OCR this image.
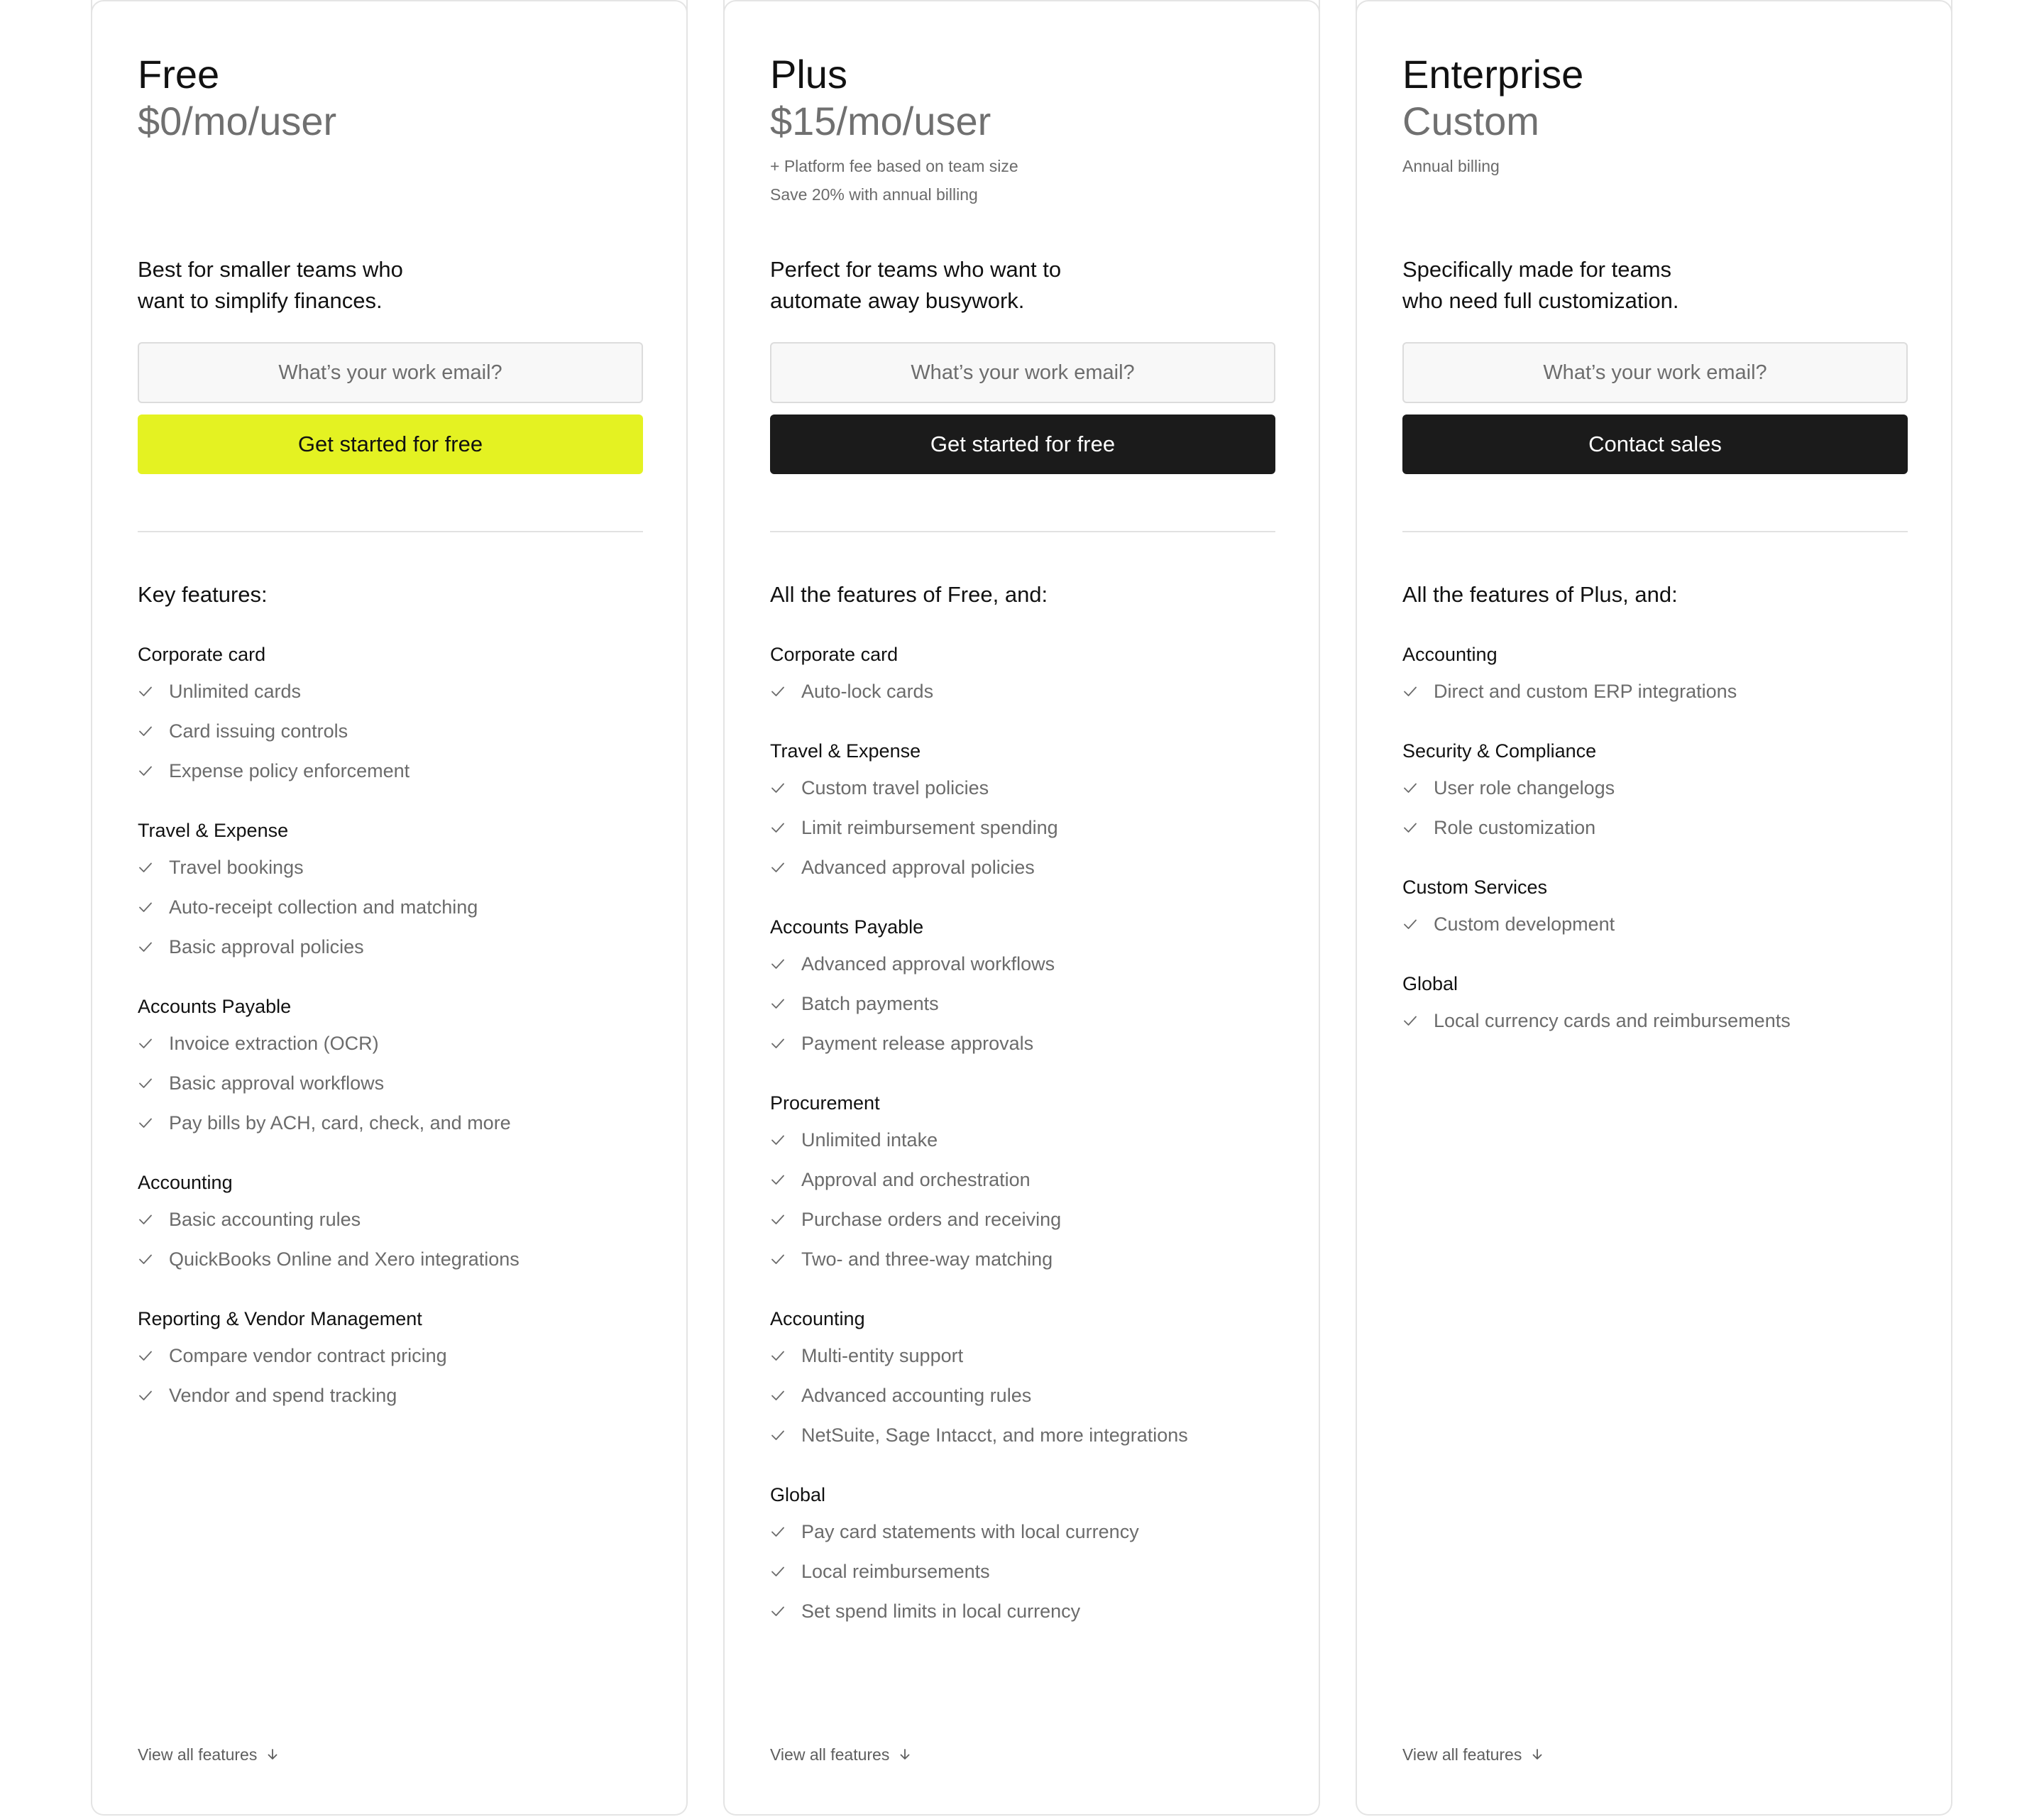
Free
$0/mo/user
Best for smaller teams who want to simplify finances.
What’s your work email?
Get started for free
Key features:
Corporate card
Unlimited cards
Card issuing controls
Expense policy enforcement
Travel & Expense
Travel bookings
Auto-receipt collection and matching
Basic approval policies
Accounts Payable
Invoice extraction (OCR)
Basic approval workflows
Pay bills by ACH, card, check, and more
Accounting
Basic accounting rules
QuickBooks Online and Xero integrations
Reporting & Vendor Management
Compare vendor contract pricing
Vendor and spend tracking
View all features
Plus
$15/mo/user
+ Platform fee based on team size
Save 20% with annual billing
Perfect for teams who want to automate away busywork.
What’s your work email?
Get started for free
All the features of Free, and:
Corporate card
Auto-lock cards
Travel & Expense
Custom travel policies
Limit reimbursement spending
Advanced approval policies
Accounts Payable
Advanced approval workflows
Batch payments
Payment release approvals
Procurement
Unlimited intake
Approval and orchestration
Purchase orders and receiving
Two- and three-way matching
Accounting
Multi-entity support
Advanced accounting rules
NetSuite, Sage Intacct, and more integrations
Global
Pay card statements with local currency
Local reimbursements
Set spend limits in local currency
View all features
Enterprise
Custom
Annual billing
Specifically made for teams who need full customization.
What’s your work email?
Contact sales
All the features of Plus, and:
Accounting
Direct and custom ERP integrations
Security & Compliance
User role changelogs
Role customization
Custom Services
Custom development
Global
Local currency cards and reimbursements
View all features
